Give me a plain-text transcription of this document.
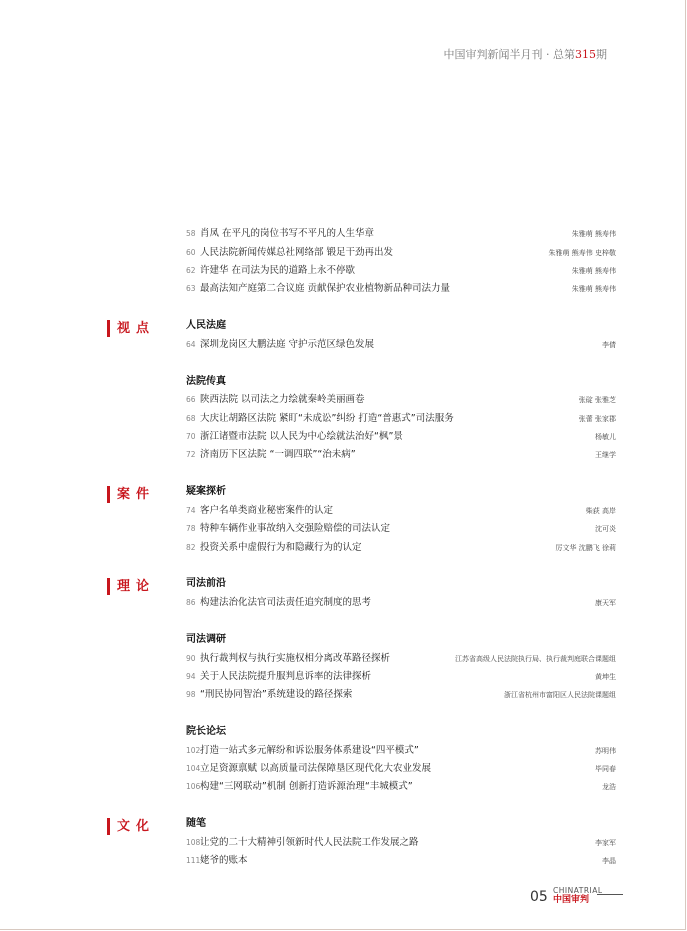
中国审判新闻半月刊 · 总第315期
58 肖凤 在平凡的岗位书写不平凡的人生华章	朱雅萌 熊寿伟
60 人民法院新闻传媒总社网络部 锻足干劲再出发	朱雅萌 熊寿伟 史梓敬
62 许建华 在司法为民的道路上永不停歇	朱雅萌 熊寿伟
63 最高法知产庭第二合议庭 贡献保护农业植物新品种司法力量	朱雅萌 熊寿伟
视点	人民法庭
64 深圳龙岗区大鹏法庭 守护示范区绿色发展	李倩
法院传真
66 陕西法院 以司法之力绘就秦岭美丽画卷	张碇 张雅芝
68 大庆让胡路区法院 紧盯“未成讼”纠纷 打造“普惠式”司法服务	张蕾 张家郡
70 浙江诸暨市法院 以人民为中心绘就法治好“枫”景	杨敏儿
72 济南历下区法院 “一调四联”“治未病”	王继学
案件	疑案探析
74 客户名单类商业秘密案件的认定	柴荻 高岸
78 特种车辆作业事故纳入交强险赔偿的司法认定	沈可炎
82 投资关系中虚假行为和隐藏行为的认定	厉文华 沈鹏飞 徐莉
理论	司法前沿
86 构建法治化法官司法责任追究制度的思考	康天军
司法调研
90 执行裁判权与执行实施权相分离改革路径探析	江苏省高级人民法院执行局、执行裁判庭联合课题组
94 关于人民法院提升服判息诉率的法律探析	黄坤生
98 “刑民协同智治”系统建设的路径探索	浙江省杭州市富阳区人民法院课题组
院长论坛
102打造一站式多元解纷和诉讼服务体系建设“四平模式”	苏明伟
104立足资源禀赋 以高质量司法保障垦区现代化大农业发展	毕同春
106构建“三网联动”机制 创新打造诉源治理“丰城模式”	龙浩
文化	随笔
108让党的二十大精神引领新时代人民法院工作发展之路	李家军
111姥爷的账本	李晶
05 CHINATRIAL
中国审判
